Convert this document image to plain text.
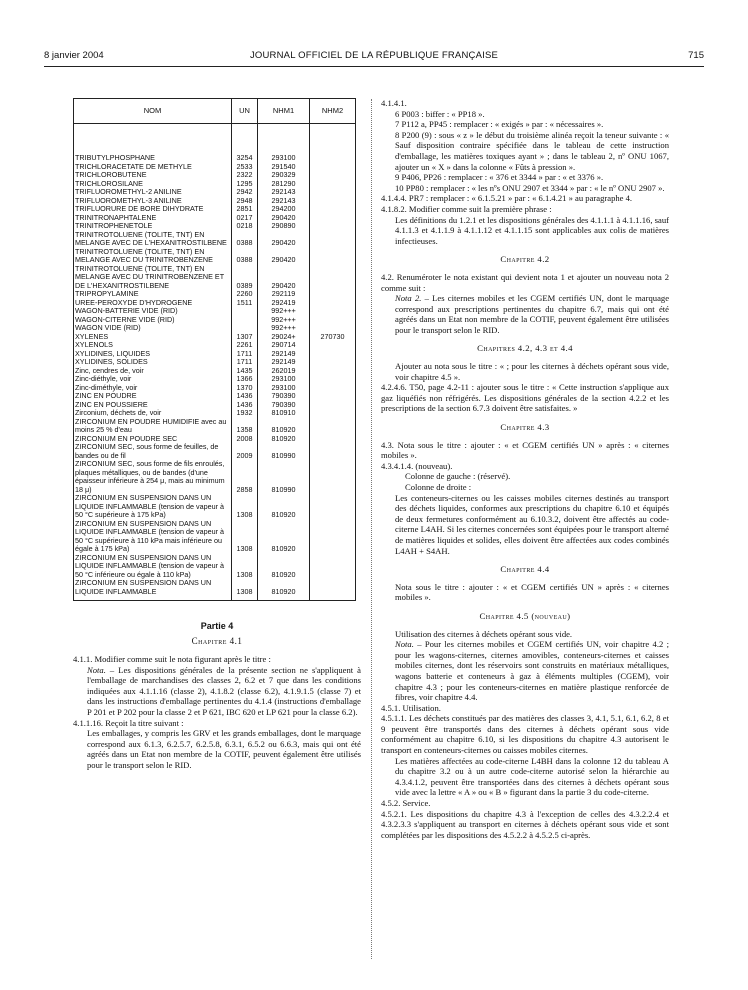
8 janvier 2004	JOURNAL OFFICIEL DE LA RÉPUBLIQUE FRANÇAISE	715
NOM	UN	NHM1	NHM2

TRIBUTYLPHOSPHANE	3254	293100	
TRICHLORACETATE DE METHYLE	2533	291540	
TRICHLOROBUTENE	2322	290329	
TRICHLOROSILANE	1295	281290	
TRIFLUOROMETHYL-2 ANILINE	2942	292143	
TRIFLUOROMETHYL-3 ANILINE	2948	292143	
TRIFLUORURE DE BORE DIHYDRATE	2851	294200	
TRINITRONAPHTALENE	0217	290420	
TRINITROPHENETOLE	0218	290890	
TRINITROTOLUENE (TOLITE, TNT) EN MELANGE AVEC DE L'HEXANITROSTILBENE	0388	290420	
TRINITROTOLUENE (TOLITE, TNT) EN MELANGE AVEC DU TRINITROBENZENE	0388	290420	
TRINITROTOLUENE (TOLITE, TNT) EN MELANGE AVEC DU TRINITROBENZENE ET DE L'HEXANITROSTILBENE	0389	290420	
TRIPROPYLAMINE	2260	292119	
UREE-PEROXYDE D'HYDROGENE	1511	292419	
WAGON-BATTERIE VIDE (RID)		992+++	
WAGON-CITERNE VIDE (RID)		992+++	
WAGON VIDE (RID)		992+++	
XYLENES	1307	29024+	270730
XYLENOLS	2261	290714	
XYLIDINES, LIQUIDES	1711	292149	
XYLIDINES, SOLIDES	1711	292149	
Zinc, cendres de, voir	1435	262019	
Zinc-diéthyle, voir	1366	293100	
Zinc-diméthyle, voir	1370	293100	
ZINC EN POUDRE	1436	790390	
ZINC EN POUSSIERE	1436	790390	
Zirconium, déchets de, voir	1932	810910	
ZIRCONIUM EN POUDRE HUMIDIFIE avec au moins 25 % d'eau	1358	810920	
ZIRCONIUM EN POUDRE SEC	2008	810920	
ZIRCONIUM SEC, sous forme de feuilles, de bandes ou de fil	2009	810990	
ZIRCONIUM SEC, sous forme de fils enroulés, plaques métalliques, ou de bandes (d'une épaisseur inférieure à 254 μ, mais au minimum 18 μ)	2858	810990	
ZIRCONIUM EN SUSPENSION DANS UN LIQUIDE INFLAMMABLE (tension de vapeur à 50 °C supérieure à 175 kPa)	1308	810920	
ZIRCONIUM EN SUSPENSION DANS UN LIQUIDE INFLAMMABLE (tension de vapeur à 50 °C supérieure à 110 kPa mais inférieure ou égale à 175 kPa)	1308	810920	
ZIRCONIUM EN SUSPENSION DANS UN LIQUIDE INFLAMMABLE (tension de vapeur à 50 °C inférieure ou égale à 110 kPa)	1308	810920	
ZIRCONIUM EN SUSPENSION DANS UN LIQUIDE INFLAMMABLE	1308	810920	
Partie 4
Chapitre 4.1

4.1.1. Modifier comme suit le nota figurant après le titre :

Nota. – Les dispositions générales de la présente section ne s'appliquent à l'emballage de marchandises des classes 2, 6.2 et 7 que dans les conditions indiquées aux 4.1.1.16 (classe 2), 4.1.8.2 (classe 6.2), 4.1.9.1.5 (classe 7) et dans les instructions d'emballage pertinentes du 4.1.4 (instructions d'emballage P 201 et P 202 pour la classe 2 et P 621, IBC 620 et LP 621 pour la classe 6.2).

4.1.1.16. Reçoit la titre suivant :

Les emballages, y compris les GRV et les grands emballages, dont le marquage correspond aux 6.1.3, 6.2.5.7, 6.2.5.8, 6.3.1, 6.5.2 ou 6.6.3, mais qui ont été agréés dans un Etat non membre de la COTIF, peuvent également être utilisés pour le transport selon le RID.

4.1.4.1.

6 P003 : biffer : « PP18 ».

7 P112 a, PP45 : remplacer : « exigés » par : « nécessaires ».

8 P200 (9) : sous « z » le début du troisième alinéa reçoit la teneur suivante : « Sauf disposition contraire spécifiée dans le tableau de cette instruction d'emballage, les matières toxiques ayant » ; dans le tableau 2, nº ONU 1067, ajouter un « X » dans la colonne « Fûts à pression ».

9 P406, PP26 : remplacer : « 376 et 3344 » par : « et 3376 ».

10 PP80 : remplacer : « les nºs ONU 2907 et 3344 » par : « le nº ONU 2907 ».

4.1.4.4. PR7 : remplacer : « 6.1.5.21 » par : « 6.1.4.21 » au paragraphe 4.

4.1.8.2. Modifier comme suit la première phrase :

Les définitions du 1.2.1 et les dispositions générales des 4.1.1.1 à 4.1.1.16, sauf 4.1.1.3 et 4.1.1.9 à 4.1.1.12 et 4.1.1.15 sont applicables aux colis de matières infectieuses.

Chapitre 4.2

4.2. Renuméroter le nota existant qui devient nota 1 et ajouter un nouveau nota 2 comme suit :

Nota 2. – Les citernes mobiles et les CGEM certifiés UN, dont le marquage correspond aux prescriptions pertinentes du chapitre 6.7, mais qui ont été agréés dans un Etat non membre de la COTIF, peuvent également être utilisées pour le transport selon le RID.

Chapitres 4.2, 4.3 et 4.4

Ajouter au nota sous le titre : « ; pour les citernes à déchets opérant sous vide, voir chapitre 4.5 ».

4.2.4.6. T50, page 4.2-11 : ajouter sous le titre : « Cette instruction s'applique aux gaz liquéfiés non réfrigérés. Les dispositions générales de la section 4.2.2 et les prescriptions de la section 6.7.3 doivent être satisfaites. »

Chapitre 4.3

4.3. Nota sous le titre : ajouter : « et CGEM certifiés UN » après : « citernes mobiles ».

4.3.4.1.4. (nouveau).

Colonne de gauche : (réservé).

Colonne de droite :

Les conteneurs-citernes ou les caisses mobiles citernes destinés au transport des déchets liquides, conformes aux prescriptions du chapitre 6.10 et équipés de deux fermetures conformément au 6.10.3.2, doivent être affectés au code-citerne L4AH. Si les citernes concernées sont équipées pour le transport alterné de matières liquides et solides, elles doivent être affectées aux codes combinés L4AH + S4AH.

Chapitre 4.4

Nota sous le titre : ajouter : « et CGEM certifiés UN » après : « citernes mobiles ».

Chapitre 4.5 (nouveau)

Utilisation des citernes à déchets opérant sous vide.

Nota. – Pour les citernes mobiles et CGEM certifiés UN, voir chapitre 4.2 ; pour les wagons-citernes, citernes amovibles, conteneurs-citernes et caisses mobiles citernes, dont les réservoirs sont construits en matériaux métalliques, wagons batterie et conteneurs à gaz à éléments multiples (CGEM), voir chapitre 4.3 ; pour les conteneurs-citernes en matière plastique renforcée de fibres, voir chapitre 4.4.

4.5.1. Utilisation.

4.5.1.1. Les déchets constitués par des matières des classes 3, 4.1, 5.1, 6.1, 6.2, 8 et 9 peuvent être transportés dans des citernes à déchets opérant sous vide conformément au chapitre 6.10, si les dispositions du chapitre 4.3 autorisent le transport en conteneurs-citernes ou caisses mobiles citernes.

Les matières affectées au code-citerne L4BH dans la colonne 12 du tableau A du chapitre 3.2 ou à un autre code-citerne autorisé selon la hiérarchie au 4.3.4.1.2, peuvent être transportées dans des citernes à déchets opérant sous vide avec la lettre « A » ou « B » figurant dans la partie 3 du code-citerne.

4.5.2. Service.

4.5.2.1. Les dispositions du chapitre 4.3 à l'exception de celles des 4.3.2.2.4 et 4.3.2.3.3 s'appliquent au transport en citernes à déchets opérant sous vide et sont complétées par les dispositions des 4.5.2.2 à 4.5.2.5 ci-après.
